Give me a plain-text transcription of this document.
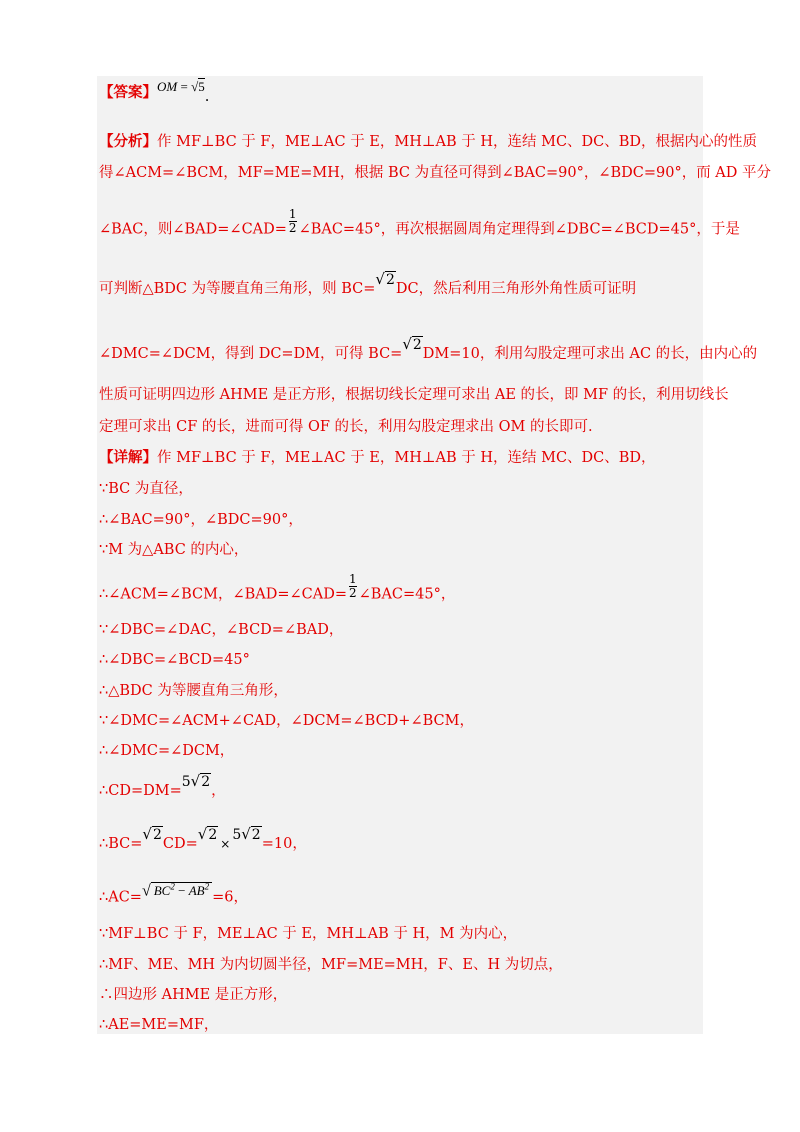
【答案】OM = √5.
【分析】作 MF⊥BC 于 F，ME⊥AC 于 E，MH⊥AB 于 H，连结 MC、DC、BD，根据内心的性质
得∠ACM=∠BCM，MF=ME=MH，根据 BC 为直径可得到∠BAC=90°，∠BDC=90°，而 AD 平分
∠BAC，则∠BAD=∠CAD= $\frac{1}{2}$ ∠BAC=45°，再次根据圆周角定理得到∠DBC=∠BCD=45°，于是
可判断△BDC 为等腰直角三角形，则 BC=√2DC，然后利用三角形外角性质可证明
∠DMC=∠DCM，得到 DC=DM，可得 BC=√2DM=10，利用勾股定理可求出 AC 的长，由内心的
性质可证明四边形 AHME 是正方形，根据切线长定理可求出 AE 的长，即 MF 的长，利用切线长
定理可求出 CF 的长，进而可得 OF 的长，利用勾股定理求出 OM 的长即可.
【详解】作 MF⊥BC 于 F，ME⊥AC 于 E，MH⊥AB 于 H，连结 MC、DC、BD，
∵BC 为直径，
∴∠BAC=90°，∠BDC=90°，
∵M 为△ABC 的内心，
∴∠ACM=∠BCM，∠BAD=∠CAD= $\frac{1}{2}$ ∠BAC=45°，
∵∠DBC=∠DAC，∠BCD=∠BAD，
∴∠DBC=∠BCD=45°
∴△BDC 为等腰直角三角形，
∵∠DMC=∠ACM+∠CAD，∠DCM=∠BCD+∠BCM，
∴∠DMC=∠DCM，
∴CD=DM=5√2，
∴BC=√2CD=√2×5√2=10，
∴AC=√ $BC^2 - AB^2=6$，
∵MF⊥BC 于 F，ME⊥AC 于 E，MH⊥AB 于 H，M 为内心，
∴MF、ME、MH 为内切圆半径，MF=ME=MH，F、E、H 为切点，
∴四边形 AHME 是正方形，
∴AE=ME=MF，
